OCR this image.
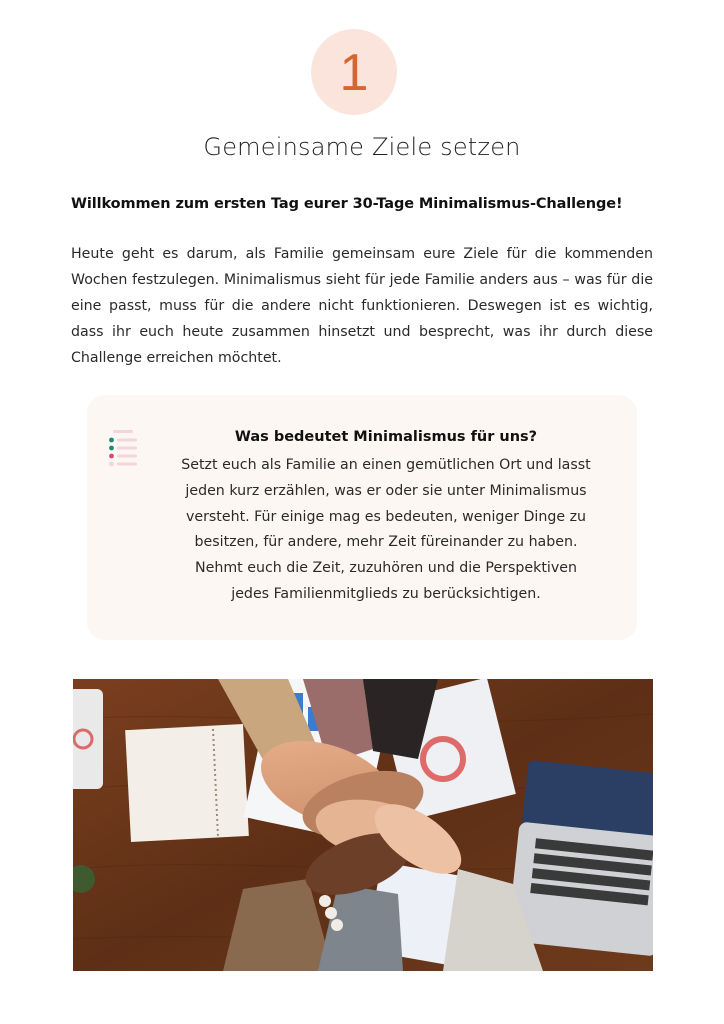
1
Gemeinsame Ziele setzen
Willkommen zum ersten Tag eurer 30-Tage Minimalismus-Challenge!

Heute geht es darum, als Familie gemeinsam eure Ziele für die kommenden Wochen festzulegen. Minimalismus sieht für jede Familie anders aus – was für die eine passt, muss für die andere nicht funktionieren. Deswegen ist es wichtig, dass ihr euch heute zusammen hinsetzt und besprecht, was ihr durch diese Challenge erreichen möchtet.

Was bedeutet Minimalismus für uns?
Setzt euch als Familie an einen gemütlichen Ort und lasst
jeden kurz erzählen, was er oder sie unter Minimalismus
versteht. Für einige mag es bedeuten, weniger Dinge zu
besitzen, für andere, mehr Zeit füreinander zu haben.
Nehmt euch die Zeit, zuzuhören und die Perspektiven
jedes Familienmitglieds zu berücksichtigen.
